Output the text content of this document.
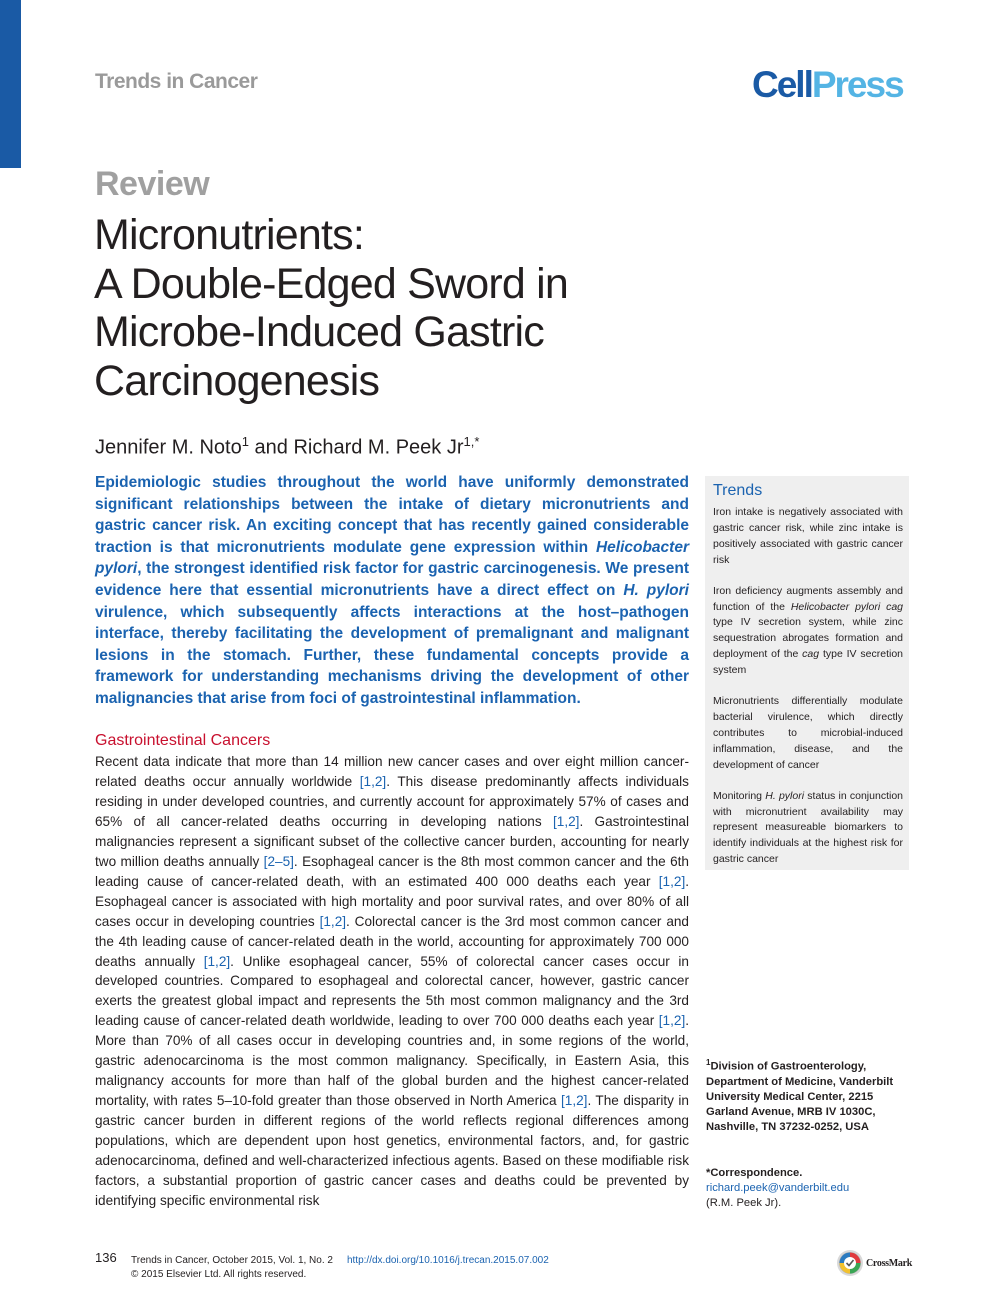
Trends in Cancer	CellPress
Review
Micronutrients:
A Double-Edged Sword in
Microbe-Induced Gastric
Carcinogenesis
Jennifer M. Noto$^1$ and Richard M. Peek $Jr^{1,*}$

Epidemiologic studies throughout the world have uniformly demonstrated significant relationships between the intake of dietary micronutrients and gastric cancer risk. An exciting concept that has recently gained considerable traction is that micronutrients modulate gene expression within Helicobacter pylori, the strongest identified risk factor for gastric carcinogenesis. We present evidence here that essential micronutrients have a direct effect on H. pylori virulence, which subsequently affects interactions at the host–pathogen interface, thereby facilitating the development of premalignant and malignant lesions in the stomach. Further, these fundamental concepts provide a framework for understanding mechanisms driving the development of other malignancies that arise from foci of gastrointestinal inflammation.

Gastrointestinal Cancers

Recent data indicate that more than 14 million new cancer cases and over eight million cancer-related deaths occur annually worldwide [1,2]. This disease predominantly affects individuals residing in under developed countries, and currently account for approximately 57% of cases and 65% of all cancer-related deaths occurring in developing nations [1,2]. Gastrointestinal malignancies represent a significant subset of the collective cancer burden, accounting for nearly two million deaths annually [2–5]. Esophageal cancer is the 8th most common cancer and the 6th leading cause of cancer-related death, with an estimated 400 000 deaths each year [1,2]. Esophageal cancer is associated with high mortality and poor survival rates, and over 80% of all cases occur in developing countries [1,2]. Colorectal cancer is the 3rd most common cancer and the 4th leading cause of cancer-related death in the world, accounting for approximately 700 000 deaths annually [1,2]. Unlike esophageal cancer, 55% of colorectal cancer cases occur in developed countries. Compared to esophageal and colorectal cancer, however, gastric cancer exerts the greatest global impact and represents the 5th most common malignancy and the 3rd leading cause of cancer-related death worldwide, leading to over 700 000 deaths each year [1,2]. More than 70% of all cases occur in developing countries and, in some regions of the world, gastric adenocarcinoma is the most common malignancy. Specifically, in Eastern Asia, this malignancy accounts for more than half of the global burden and the highest cancer-related mortality, with rates 5–10-fold greater than those observed in North America [1,2]. The disparity in gastric cancer burden in different regions of the world reflects regional differences among populations, which are dependent upon host genetics, environmental factors, and, for gastric adenocarcinoma, defined and well-characterized infectious agents. Based on these modifiable risk factors, a substantial proportion of gastric cancer cases and deaths could be prevented by identifying specific environmental risk

Trends

Iron intake is negatively associated with gastric cancer risk, while zinc intake is positively associated with gastric cancer risk

Iron deficiency augments assembly and function of the Helicobacter pylori cag type IV secretion system, while zinc sequestration abrogates formation and deployment of the cag type IV secretion system

Micronutrients differentially modulate bacterial virulence, which directly contributes to microbial-induced inflammation, disease, and the development of cancer

Monitoring H. pylori status in conjunction with micronutrient availability may represent measureable biomarkers to identify individuals at the highest risk for gastric cancer

$^1$Division of Gastroenterology,
Department of Medicine, Vanderbilt
University Medical Center, 2215
Garland Avenue, MRB IV 1030C,
Nashville, TN 37232-0252, USA

*Correspondence.
richard.peek@vanderbilt.edu
(R.M. Peek Jr).

136 Trends in Cancer, October 2015, Vol. 1, No. 2 http://dx.doi.org/10.1016/j.trecan.2015.07.002
© 2015 Elsevier Ltd. All rights reserved.
CrossMark
